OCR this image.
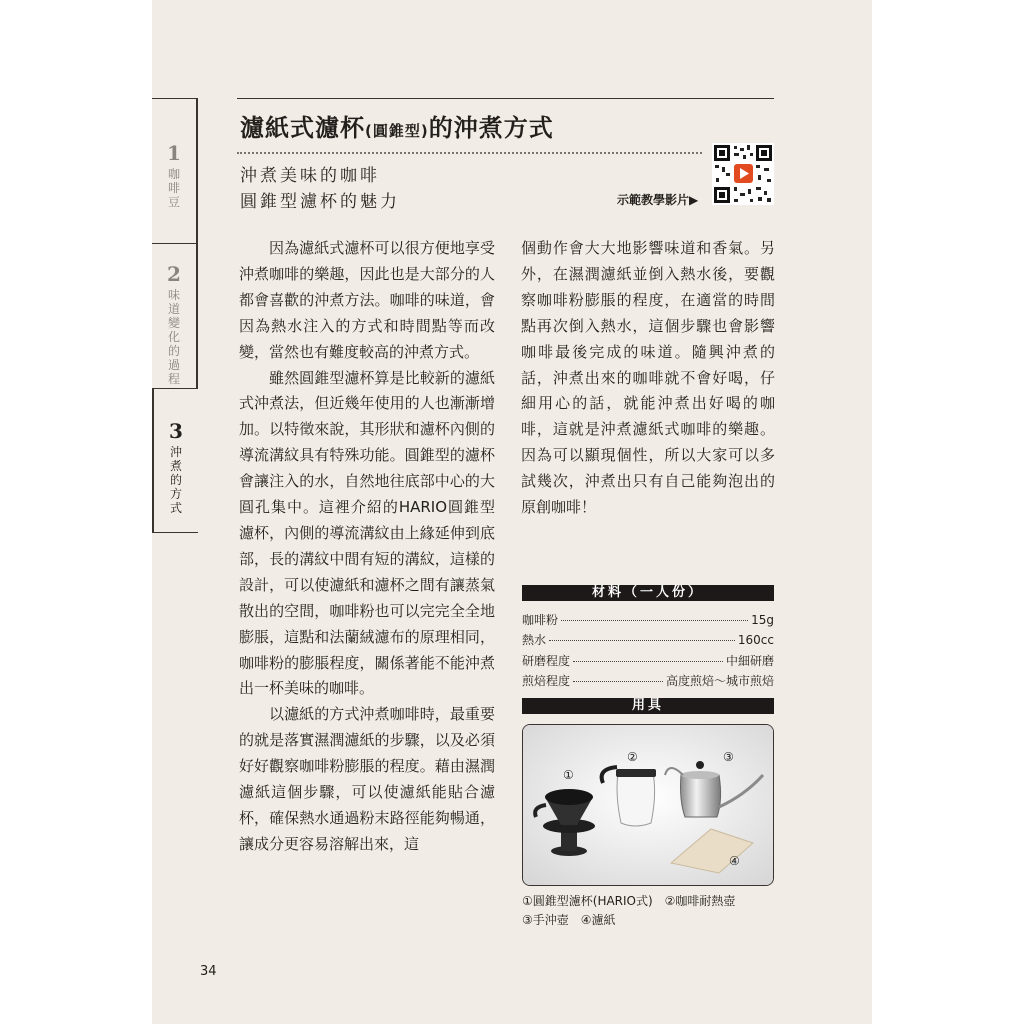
1
咖啡豆
2
味道變化的過程
3
沖煮的方式
濾紙式濾杯(圓錐型)的沖煮方式
沖煮美味的咖啡
圓錐型濾杯的魅力	示範教學影片▶

因為濾紙式濾杯可以很方便地享受沖煮咖啡的樂趣，因此也是大部分的人都會喜歡的沖煮方法。咖啡的味道，會因為熱水注入的方式和時間點等而改變，當然也有難度較高的沖煮方式。

雖然圓錐型濾杯算是比較新的濾紙式沖煮法，但近幾年使用的人也漸漸增加。以特徵來說，其形狀和濾杯內側的導流溝紋具有特殊功能。圓錐型的濾杯會讓注入的水，自然地往底部中心的大圓孔集中。這裡介紹的HARIO圓錐型濾杯，內側的導流溝紋由上緣延伸到底部，長的溝紋中間有短的溝紋，這樣的設計，可以使濾紙和濾杯之間有讓蒸氣散出的空間，咖啡粉也可以完完全全地膨脹，這點和法蘭絨濾布的原理相同，咖啡粉的膨脹程度，關係著能不能沖煮出一杯美味的咖啡。

以濾紙的方式沖煮咖啡時，最重要的就是落實濕潤濾紙的步驟，以及必須好好觀察咖啡粉膨脹的程度。藉由濕潤濾紙這個步驟，可以使濾紙能貼合濾杯，確保熱水通過粉末路徑能夠暢通，讓成分更容易溶解出來，這

個動作會大大地影響味道和香氣。另外，在濕潤濾紙並倒入熱水後，要觀察咖啡粉膨脹的程度，在適當的時間點再次倒入熱水，這個步驟也會影響咖啡最後完成的味道。隨興沖煮的話，沖煮出來的咖啡就不會好喝，仔細用心的話，就能沖煮出好喝的咖啡，這就是沖煮濾紙式咖啡的樂趣。因為可以顯現個性，所以大家可以多試幾次，沖煮出只有自己能夠泡出的原創咖啡！

材料（一人份）
咖啡粉	15g
熱水	160cc
研磨程度	中細研磨
煎焙程度	高度煎焙～城市煎焙
用具
①
②	③
④
①圓錐型濾杯(HARIO式)　②咖啡耐熱壺
③手沖壺　④濾紙
34
